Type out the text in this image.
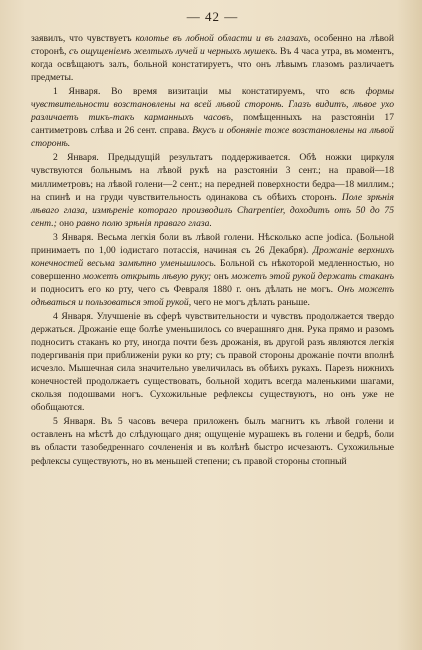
— 42 —

заявилъ, что чувствуетъ колотье въ лобной области и въ глазахъ, особенно на лѣвой сторонѣ, съ ощущеніемъ желтыхъ лучей и черныхъ мушекъ. Въ 4 часа утра, въ моментъ, когда освѣщаютъ залъ, больной констатируетъ, что онъ лѣвымъ глазомъ различаетъ предметы.

1 Января. Во время визитаціи мы констатируемъ, что всѣ формы чувствительности возстановлены на всей лѣвой сторонѣ. Глазъ видитъ, лѣвое ухо различаетъ тикъ-такъ карманныхъ часовъ, помѣщенныхъ на разстояніи 17 сантиметровъ слѣва и 26 сент. справа. Вкусъ и обоняніе тоже возстановлены на лѣвой сторонѣ.

2 Января. Предыдущій результатъ поддерживается. Обѣ ножки циркуля чувствуются больнымъ на лѣвой рукѣ на разстояніи 3 сент.; на правой—18 миллиметровъ; на лѣвой голени—2 сент.; на передней поверхности бедра—18 миллим.; на спинѣ и на груди чувствительность одинакова съ обѣихъ сторонъ. Поле зрѣнія лѣваго глаза, измѣреніе котораго производилъ Charpentier, доходитъ отъ 50 до 75 сент.; оно равно полю зрѣнія праваго глаза.

3 Января. Весьма легкія боли въ лѣвой голени. Нѣсколько aспе jodica. (Больной принимаетъ по 1,00 іодистаго потассія, начиная съ 26 Декабря). Дрожаніе верхнихъ конечностей весьма замѣтно уменьшилось. Больной съ нѣкоторой медленностью, но совершенно можетъ открыть лѣвую руку; онъ можетъ этой рукой держать стаканъ и подноситъ его ко рту, чего съ Февраля 1880 г. онъ дѣлать не могъ. Онъ можетъ одѣваться и пользоваться этой рукой, чего не могъ дѣлать раньше.

4 Января. Улучшеніе въ сферѣ чувствительности и чувствъ продолжается твердо держаться. Дрожаніе еще болѣе уменьшилось со вчерашняго дня. Рука прямо и разомъ подноситъ стаканъ ко рту, иногда почти безъ дрожанія, въ другой разъ являются легкія подергиванія при приближеніи руки ко рту; съ правой стороны дрожаніе почти вполнѣ исчезло. Мышечная сила значительно увеличилась въ обѣихъ рукахъ. Парезъ нижнихъ конечностей продолжаетъ существовать, больной ходитъ всегда маленькими шагами, скользя подошвами ногъ. Сухожильные рефлексы существуютъ, но онъ уже не обобщаются.

5 Января. Въ 5 часовъ вечера приложенъ былъ магнитъ къ лѣвой голени и оставленъ на мѣстѣ до слѣдующаго дня; ощущеніе мурашекъ въ голени и бедрѣ, боли въ области тазобедреннаго сочлененія и въ колѣнѣ быстро исчезаютъ. Сухожильные рефлексы существуютъ, но въ меньшей степени; съ правой стороны стопный
